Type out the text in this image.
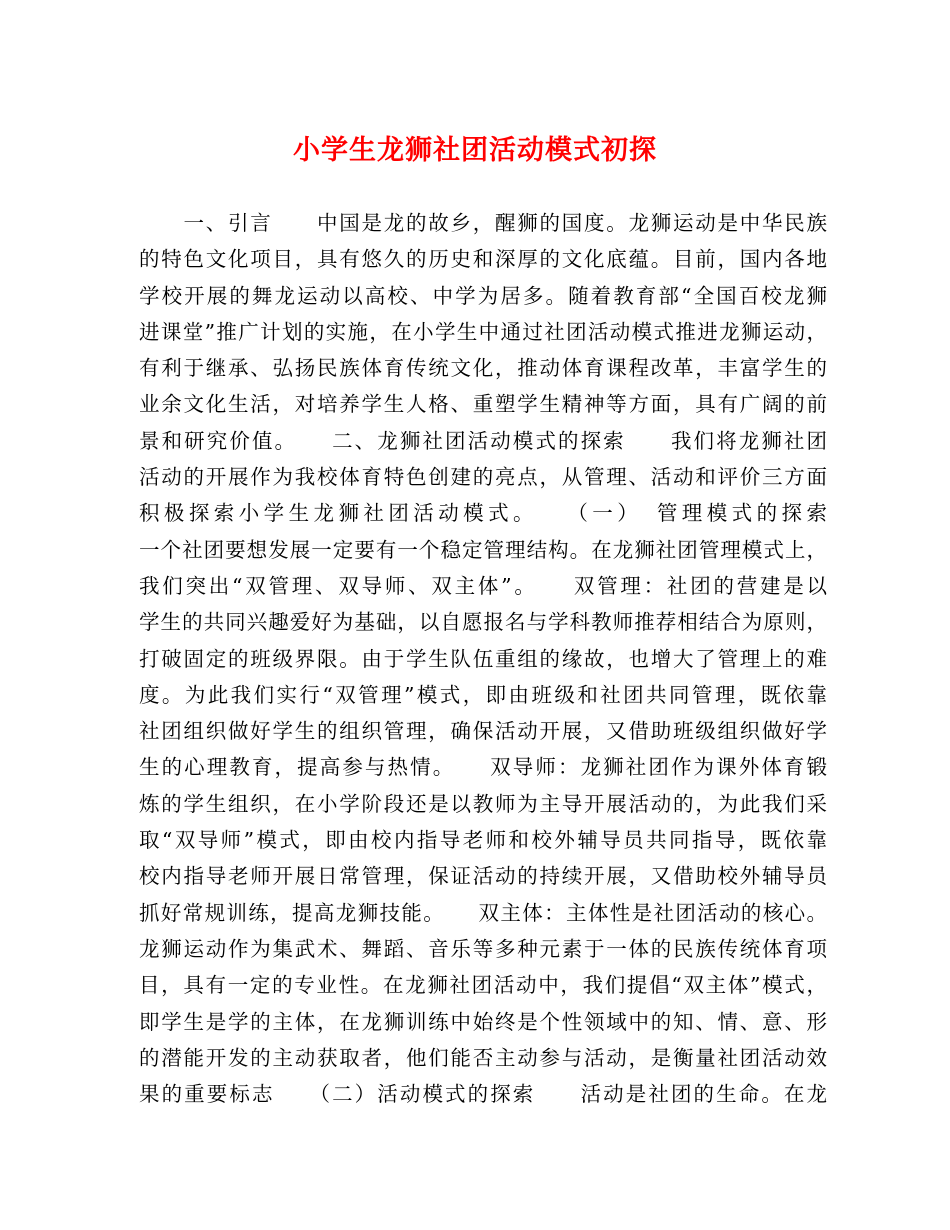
小学生龙狮社团活动模式初探
　　一、引言　　中国是龙的故乡，醒狮的国度。龙狮运动是中华民族
的特色文化项目，具有悠久的历史和深厚的文化底蕴。目前，国内各地
学校开展的舞龙运动以高校、中学为居多。随着教育部“全国百校龙狮
进课堂”推广计划的实施，在小学生中通过社团活动模式推进龙狮运动，
有利于继承、弘扬民族体育传统文化，推动体育课程改革，丰富学生的
业余文化生活，对培养学生人格、重塑学生精神等方面，具有广阔的前
景和研究价值。　　二、龙狮社团活动模式的探索　　我们将龙狮社团
活动的开展作为我校体育特色创建的亮点，从管理、活动和评价三方面
积极探索小学生龙狮社团活动模式。　　（一）　管理模式的探索
一个社团要想发展一定要有一个稳定管理结构。在龙狮社团管理模式上，
我们突出“双管理、双导师、双主体”。　　双管理：社团的营建是以
学生的共同兴趣爱好为基础，以自愿报名与学科教师推荐相结合为原则，
打破固定的班级界限。由于学生队伍重组的缘故，也增大了管理上的难
度。为此我们实行“双管理”模式，即由班级和社团共同管理，既依靠
社团组织做好学生的组织管理，确保活动开展，又借助班级组织做好学
生的心理教育，提高参与热情。　　双导师：龙狮社团作为课外体育锻
炼的学生组织，在小学阶段还是以教师为主导开展活动的，为此我们采
取“双导师”模式，即由校内指导老师和校外辅导员共同指导，既依靠
校内指导老师开展日常管理，保证活动的持续开展，又借助校外辅导员
抓好常规训练，提高龙狮技能。　　双主体：主体性是社团活动的核心。
龙狮运动作为集武术、舞蹈、音乐等多种元素于一体的民族传统体育项
目，具有一定的专业性。在龙狮社团活动中，我们提倡“双主体”模式，
即学生是学的主体，在龙狮训练中始终是个性领域中的知、情、意、形
的潜能开发的主动获取者，他们能否主动参与活动，是衡量社团活动效
果的重要标志　　（二）活动模式的探索　　活动是社团的生命。在龙
